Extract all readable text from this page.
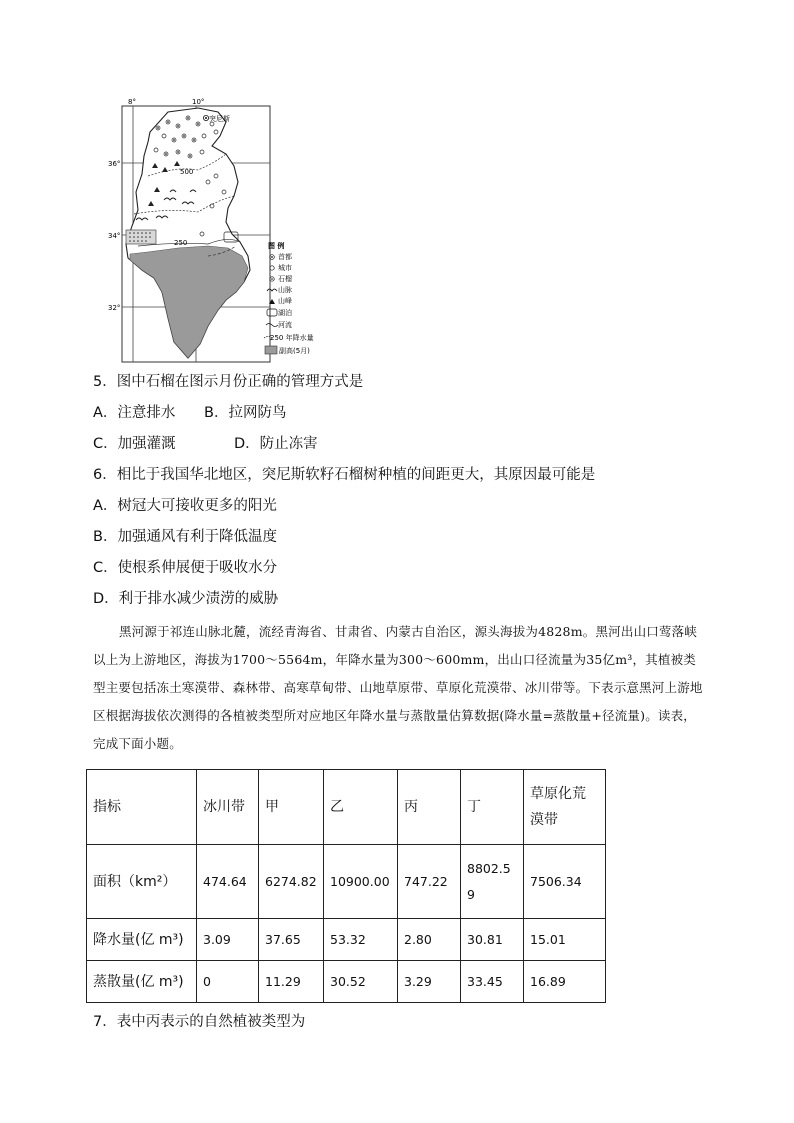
8°	10°
36°
34°
32°
突尼斯
500
250	图 例
首都
城市
石榴
山脉
山峰
湖泊
河流
250 年降水量
副高(5月)
5．图中石榴在图示月份正确的管理方式是
A．注意排水 B．拉网防鸟
C．加强灌溉	D．防止冻害
6．相比于我国华北地区，突尼斯软籽石榴树种植的间距更大，其原因最可能是
A．树冠大可接收更多的阳光
B．加强通风有利于降低温度
C．使根系伸展便于吸收水分
D．利于排水减少渍涝的威胁

黑河源于祁连山脉北麓，流经青海省、甘肃省、内蒙古自治区，源头海拔为4828m。黑河出山口莺落峡以上为上游地区，海拔为1700～5564m，年降水量为300～600mm，出山口径流量为35亿m³，其植被类型主要包括冻土寒漠带、森林带、高寒草甸带、山地草原带、草原化荒漠带、冰川带等。下表示意黑河上游地区根据海拔依次测得的各植被类型所对应地区年降水量与蒸散量估算数据(降水量=蒸散量+径流量)。读表，完成下面小题。

指标	冰川带	甲	乙	丙	丁	草原化荒漠带
面积（km²）	474.64	6274.82	10900.00	747.22	8802.59	7506.34
降水量(亿 m³)	3.09	37.65	53.32	2.80	30.81	15.01
蒸散量(亿 m³)	0	11.29	30.52	3.29	33.45	16.89
7．表中丙表示的自然植被类型为
